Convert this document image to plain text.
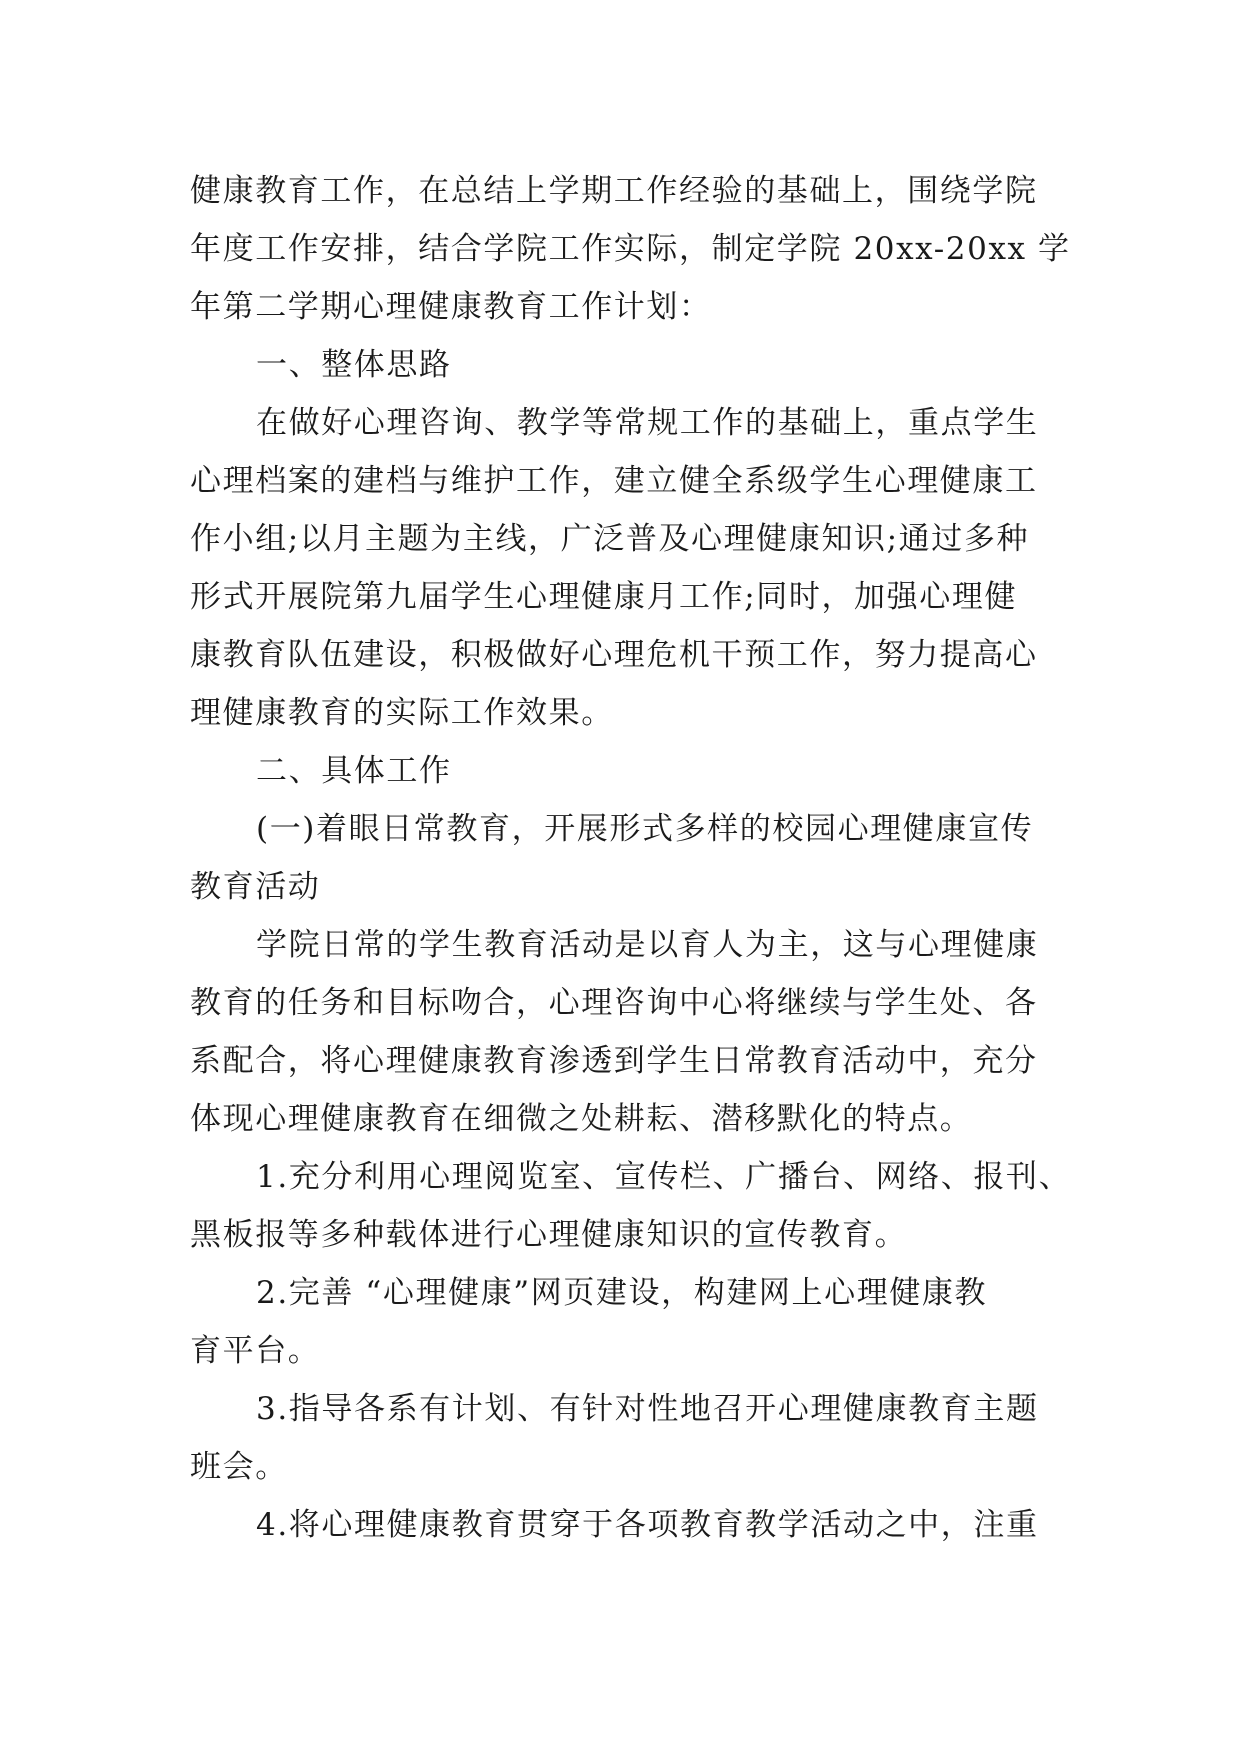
健康教育工作，在总结上学期工作经验的基础上，围绕学院
年度工作安排，结合学院工作实际，制定学院 20xx-20xx 学
年第二学期心理健康教育工作计划：
一、整体思路
在做好心理咨询、教学等常规工作的基础上，重点学生
心理档案的建档与维护工作，建立健全系级学生心理健康工
作小组;以月主题为主线，广泛普及心理健康知识;通过多种
形式开展院第九届学生心理健康月工作;同时，加强心理健
康教育队伍建设，积极做好心理危机干预工作，努力提高心
理健康教育的实际工作效果。
二、具体工作
(一)着眼日常教育，开展形式多样的校园心理健康宣传
教育活动
学院日常的学生教育活动是以育人为主，这与心理健康
教育的任务和目标吻合，心理咨询中心将继续与学生处、各
系配合，将心理健康教育渗透到学生日常教育活动中，充分
体现心理健康教育在细微之处耕耘、潜移默化的特点。
1.充分利用心理阅览室、宣传栏、广播台、网络、报刊、
黑板报等多种载体进行心理健康知识的宣传教育。
2.完善 “心理健康”网页建设，构建网上心理健康教
育平台。
3.指导各系有计划、有针对性地召开心理健康教育主题
班会。
4.将心理健康教育贯穿于各项教育教学活动之中，注重
